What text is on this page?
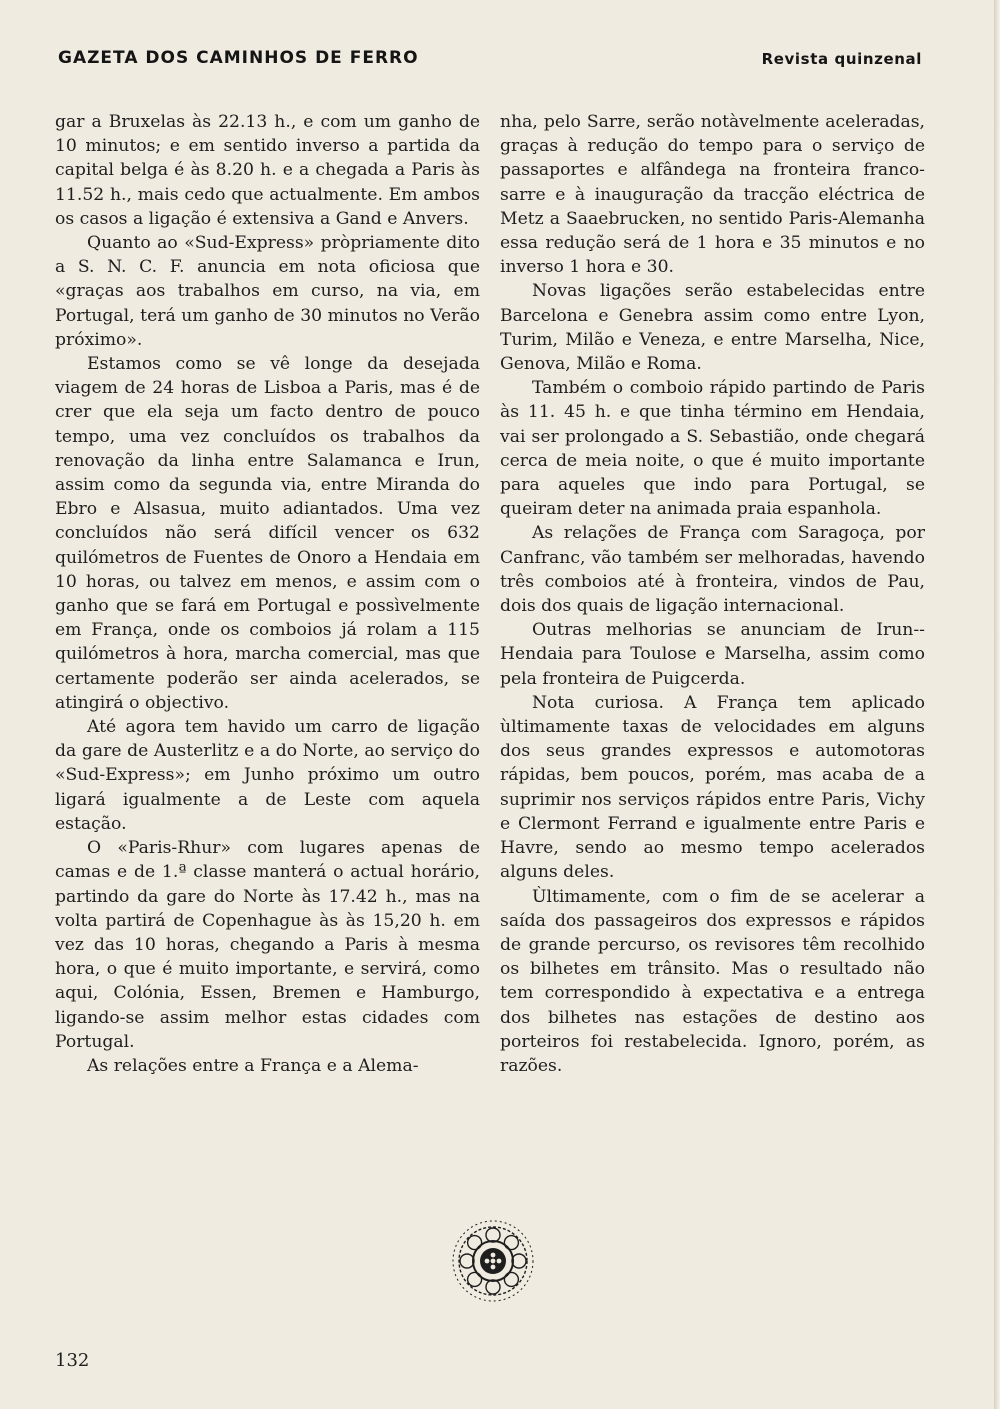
GAZETA DOS CAMINHOS DE FERRO	Revista quinzenal

gar a Bruxelas às 22.13 h., e com um ganho de 10 minutos; e em sentido inverso a partida da capital belga é às 8.20 h. e a chegada a Paris às 11.52 h., mais cedo que actualmente. Em ambos os casos a ligação é extensiva a Gand e Anvers.

Quanto ao «Sud-Express» pròpriamente dito a S. N. C. F. anuncia em nota oficiosa que «graças aos trabalhos em curso, na via, em Portugal, terá um ganho de 30 minutos no Verão próximo».

Estamos como se vê longe da desejada viagem de 24 horas de Lisboa a Paris, mas é de crer que ela seja um facto dentro de pouco tempo, uma vez concluídos os trabalhos da renovação da linha entre Salamanca e Irun, assim como da segunda via, entre Miranda do Ebro e Alsasua, muito adiantados. Uma vez concluídos não será difícil vencer os 632 quilómetros de Fuentes de Onoro a Hendaia em 10 horas, ou talvez em menos, e assim com o ganho que se fará em Portugal e possìvelmente em França, onde os comboios já rolam a 115 quilómetros à hora, marcha comercial, mas que certamente poderão ser ainda acelerados, se atingirá o objectivo.

Até agora tem havido um carro de ligação da gare de Austerlitz e a do Norte, ao serviço do «Sud-Express»; em Junho próximo um outro ligará igualmente a de Leste com aquela estação.

O «Paris-Rhur» com lugares apenas de camas e de 1.ª classe manterá o actual horário, partindo da gare do Norte às 17.42 h., mas na volta partirá de Copenhague às às 15,20 h. em vez das 10 horas, chegando a Paris à mesma hora, o que é muito importante, e servirá, como aqui, Colónia, Essen, Bremen e Hamburgo, ligando-se assim melhor estas cidades com Portugal.

As relações entre a França e a Alema-

nha, pelo Sarre, serão notàvelmente aceleradas, graças à redução do tempo para o serviço de passaportes e alfândega na fronteira franco-sarre e à inauguração da tracção eléctrica de Metz a Saaebrucken, no sentido Paris-Alemanha essa redução será de 1 hora e 35 minutos e no inverso 1 hora e 30.

Novas ligações serão estabelecidas entre Barcelona e Genebra assim como entre Lyon, Turim, Milão e Veneza, e entre Marselha, Nice, Genova, Milão e Roma.

Também o comboio rápido partindo de Paris às 11. 45 h. e que tinha término em Hendaia, vai ser prolongado a S. Sebastião, onde chegará cerca de meia noite, o que é muito importante para aqueles que indo para Portugal, se queiram deter na animada praia espanhola.

As relações de França com Saragoça, por Canfranc, vão também ser melhoradas, havendo três comboios até à fronteira, vindos de Pau, dois dos quais de ligação internacional.

Outras melhorias se anunciam de Irun--Hendaia para Toulose e Marselha, assim como pela fronteira de Puigcerda.

Nota curiosa. A França tem aplicado ùltimamente taxas de velocidades em alguns dos seus grandes expressos e automotoras rápidas, bem poucos, porém, mas acaba de a suprimir nos serviços rápidos entre Paris, Vichy e Clermont Ferrand e igualmente entre Paris e Havre, sendo ao mesmo tempo acelerados alguns deles.

Ùltimamente, com o fim de se acelerar a saída dos passageiros dos expressos e rápidos de grande percurso, os revisores têm recolhido os bilhetes em trânsito. Mas o resultado não tem correspondido à expectativa e a entrega dos bilhetes nas estações de destino aos porteiros foi restabelecida. Ignoro, porém, as razões.

132
